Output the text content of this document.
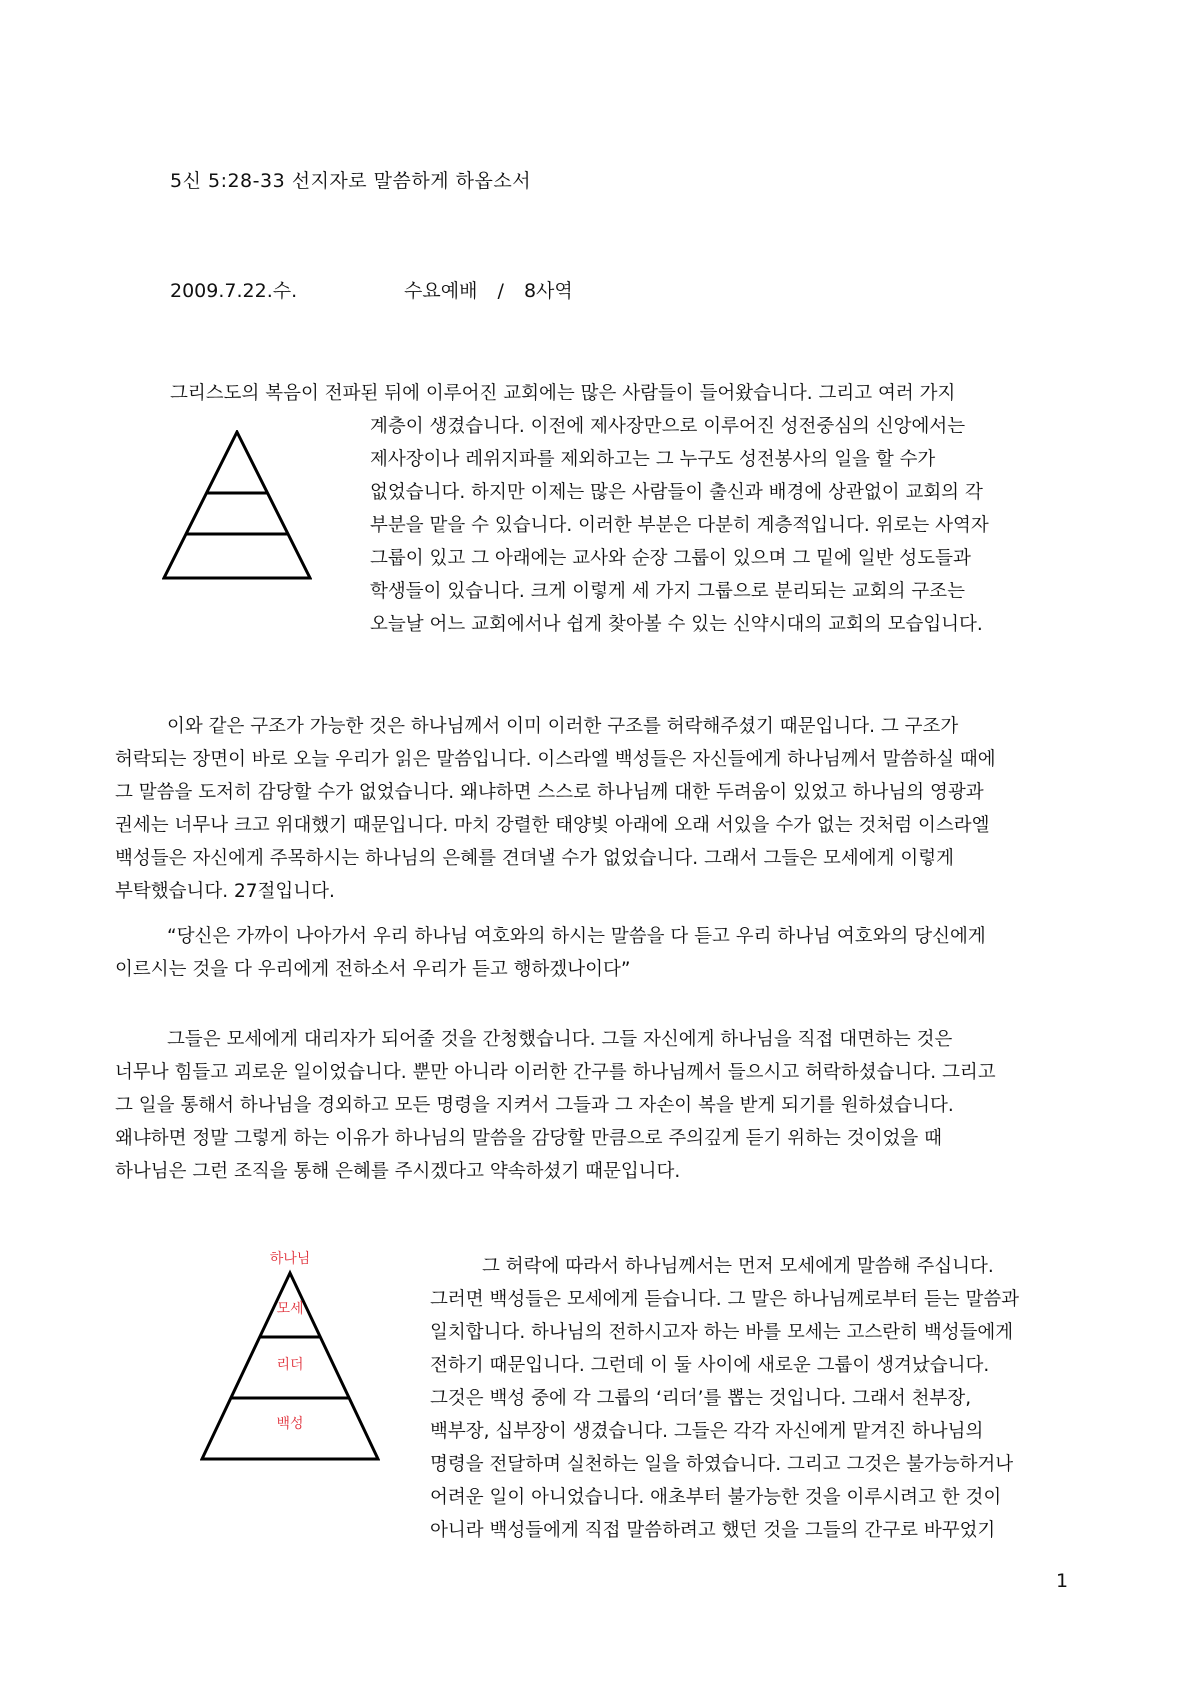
5신 5:28-33 선지자로 말씀하게 하옵소서
2009.7.22.수.	수요예배 / 8사역
그리스도의 복음이 전파된 뒤에 이루어진 교회에는 많은 사람들이 들어왔습니다. 그리고 여러 가지
계층이 생겼습니다. 이전에 제사장만으로 이루어진 성전중심의 신앙에서는
제사장이나 레위지파를 제외하고는 그 누구도 성전봉사의 일을 할 수가
없었습니다. 하지만 이제는 많은 사람들이 출신과 배경에 상관없이 교회의 각
부분을 맡을 수 있습니다. 이러한 부분은 다분히 계층적입니다. 위로는 사역자
그룹이 있고 그 아래에는 교사와 순장 그룹이 있으며 그 밑에 일반 성도들과
학생들이 있습니다. 크게 이렇게 세 가지 그룹으로 분리되는 교회의 구조는
오늘날 어느 교회에서나 쉽게 찾아볼 수 있는 신약시대의 교회의 모습입니다.
이와 같은 구조가 가능한 것은 하나님께서 이미 이러한 구조를 허락해주셨기 때문입니다. 그 구조가
허락되는 장면이 바로 오늘 우리가 읽은 말씀입니다. 이스라엘 백성들은 자신들에게 하나님께서 말씀하실 때에
그 말씀을 도저히 감당할 수가 없었습니다. 왜냐하면 스스로 하나님께 대한 두려움이 있었고 하나님의 영광과
권세는 너무나 크고 위대했기 때문입니다. 마치 강렬한 태양빛 아래에 오래 서있을 수가 없는 것처럼 이스라엘
백성들은 자신에게 주목하시는 하나님의 은혜를 견뎌낼 수가 없었습니다. 그래서 그들은 모세에게 이렇게
부탁했습니다. 27절입니다.
“당신은 가까이 나아가서 우리 하나님 여호와의 하시는 말씀을 다 듣고 우리 하나님 여호와의 당신에게
이르시는 것을 다 우리에게 전하소서 우리가 듣고 행하겠나이다”
그들은 모세에게 대리자가 되어줄 것을 간청했습니다. 그들 자신에게 하나님을 직접 대면하는 것은
너무나 힘들고 괴로운 일이었습니다. 뿐만 아니라 이러한 간구를 하나님께서 들으시고 허락하셨습니다. 그리고
그 일을 통해서 하나님을 경외하고 모든 명령을 지켜서 그들과 그 자손이 복을 받게 되기를 원하셨습니다.
왜냐하면 정말 그렇게 하는 이유가 하나님의 말씀을 감당할 만큼으로 주의깊게 듣기 위하는 것이었을 때
하나님은 그런 조직을 통해 은혜를 주시겠다고 약속하셨기 때문입니다.
하나님
모세
리더
백성
그 허락에 따라서 하나님께서는 먼저 모세에게 말씀해 주십니다.
그러면 백성들은 모세에게 듣습니다. 그 말은 하나님께로부터 듣는 말씀과
일치합니다. 하나님의 전하시고자 하는 바를 모세는 고스란히 백성들에게
전하기 때문입니다. 그런데 이 둘 사이에 새로운 그룹이 생겨났습니다.
그것은 백성 중에 각 그룹의 ‘리더’를 뽑는 것입니다. 그래서 천부장,
백부장, 십부장이 생겼습니다. 그들은 각각 자신에게 맡겨진 하나님의
명령을 전달하며 실천하는 일을 하였습니다. 그리고 그것은 불가능하거나
어려운 일이 아니었습니다. 애초부터 불가능한 것을 이루시려고 한 것이
아니라 백성들에게 직접 말씀하려고 했던 것을 그들의 간구로 바꾸었기
1
